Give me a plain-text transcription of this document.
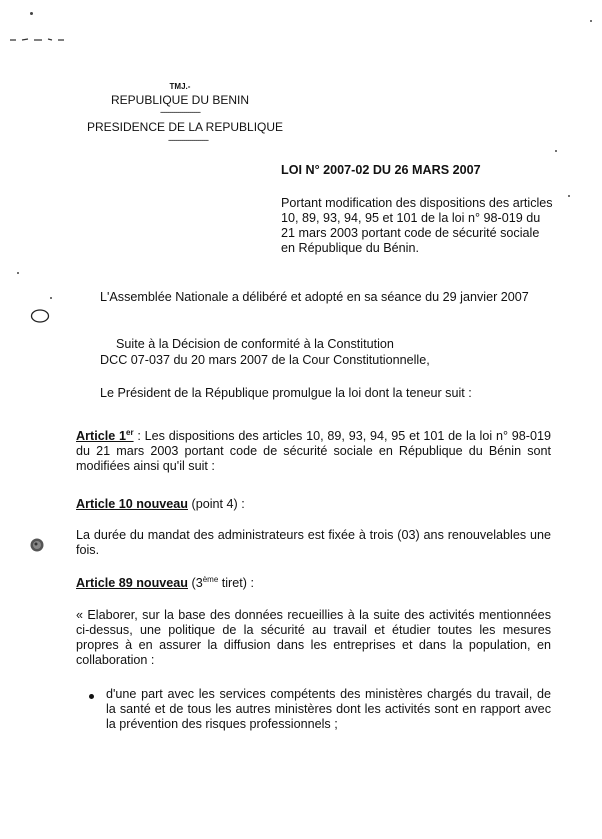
TMJ.-
REPUBLIQUE DU BENIN
--------------------
PRESIDENCE DE LA REPUBLIQUE
--------------------
LOI N° 2007-02 DU 26 MARS 2007
Portant modification des dispositions des articles 10, 89, 93, 94, 95 et 101 de la loi n° 98-019 du 21 mars 2003 portant code de sécurité sociale en République du Bénin.
L'Assemblée Nationale a délibéré et adopté en sa séance du 29 janvier 2007
Suite à la Décision de conformité à la Constitution
DCC 07-037 du 20 mars 2007 de la Cour Constitutionnelle,
Le Président de la République promulgue la loi dont la teneur suit :
Article 1er : Les dispositions des articles 10, 89, 93, 94, 95 et 101 de la loi n° 98-019 du 21 mars 2003 portant code de sécurité sociale en République du Bénin sont modifiées ainsi qu'il suit :
Article 10 nouveau (point 4) :
La durée du mandat des administrateurs est fixée à trois (03) ans renouvelables une fois.
Article 89 nouveau (3ème tiret) :
« Elaborer, sur la base des données recueillies à la suite des activités mentionnées ci-dessus, une politique de la sécurité au travail et étudier toutes les mesures propres à en assurer la diffusion dans les entreprises et dans la population, en collaboration :
d'une part avec les services compétents des ministères chargés du travail, de la santé et de tous les autres ministères dont les activités sont en rapport avec la prévention des risques professionnels ;
